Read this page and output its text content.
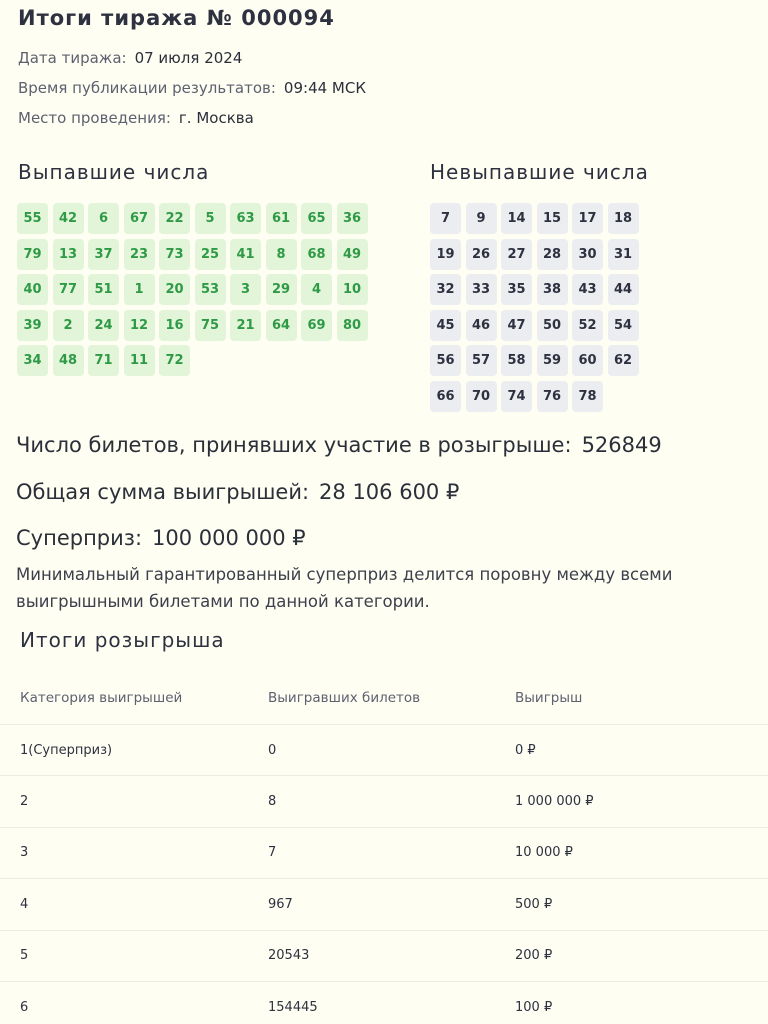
Итоги тиража № 000094
Дата тиража: 07 июля 2024
Время публикации результатов: 09:44 МСК
Место проведения: г. Москва
Выпавшие числа	Невыпавшие числа
55	42	6	67	22	5	63	61	65	36
79	13	37	23	73	25	41	8	68	49
40	77	51	1	20	53	3	29	4	10
39	2	24	12	16	75	21	64	69	80
34	48	71	11	72
7	9	14	15	17	18
19	26	27	28	30	31
32	33	35	38	43	44
45	46	47	50	52	54
56	57	58	59	60	62
66	70	74	76	78
Число билетов, принявших участие в розыгрыше: 526849
Общая сумма выигрышей: 28 106 600 ₽
Суперприз: 100 000 000 ₽
Минимальный гарантированный суперприз делится поровну между всеми выигрышными билетами по данной категории.
Итоги розыгрыша
Категория выигрышей	Выигравших билетов	Выигрыш
1(Суперприз)	0	0 ₽
2	8	1 000 000 ₽
3	7	10 000 ₽
4	967	500 ₽
5	20543	200 ₽
6	154445	100 ₽
